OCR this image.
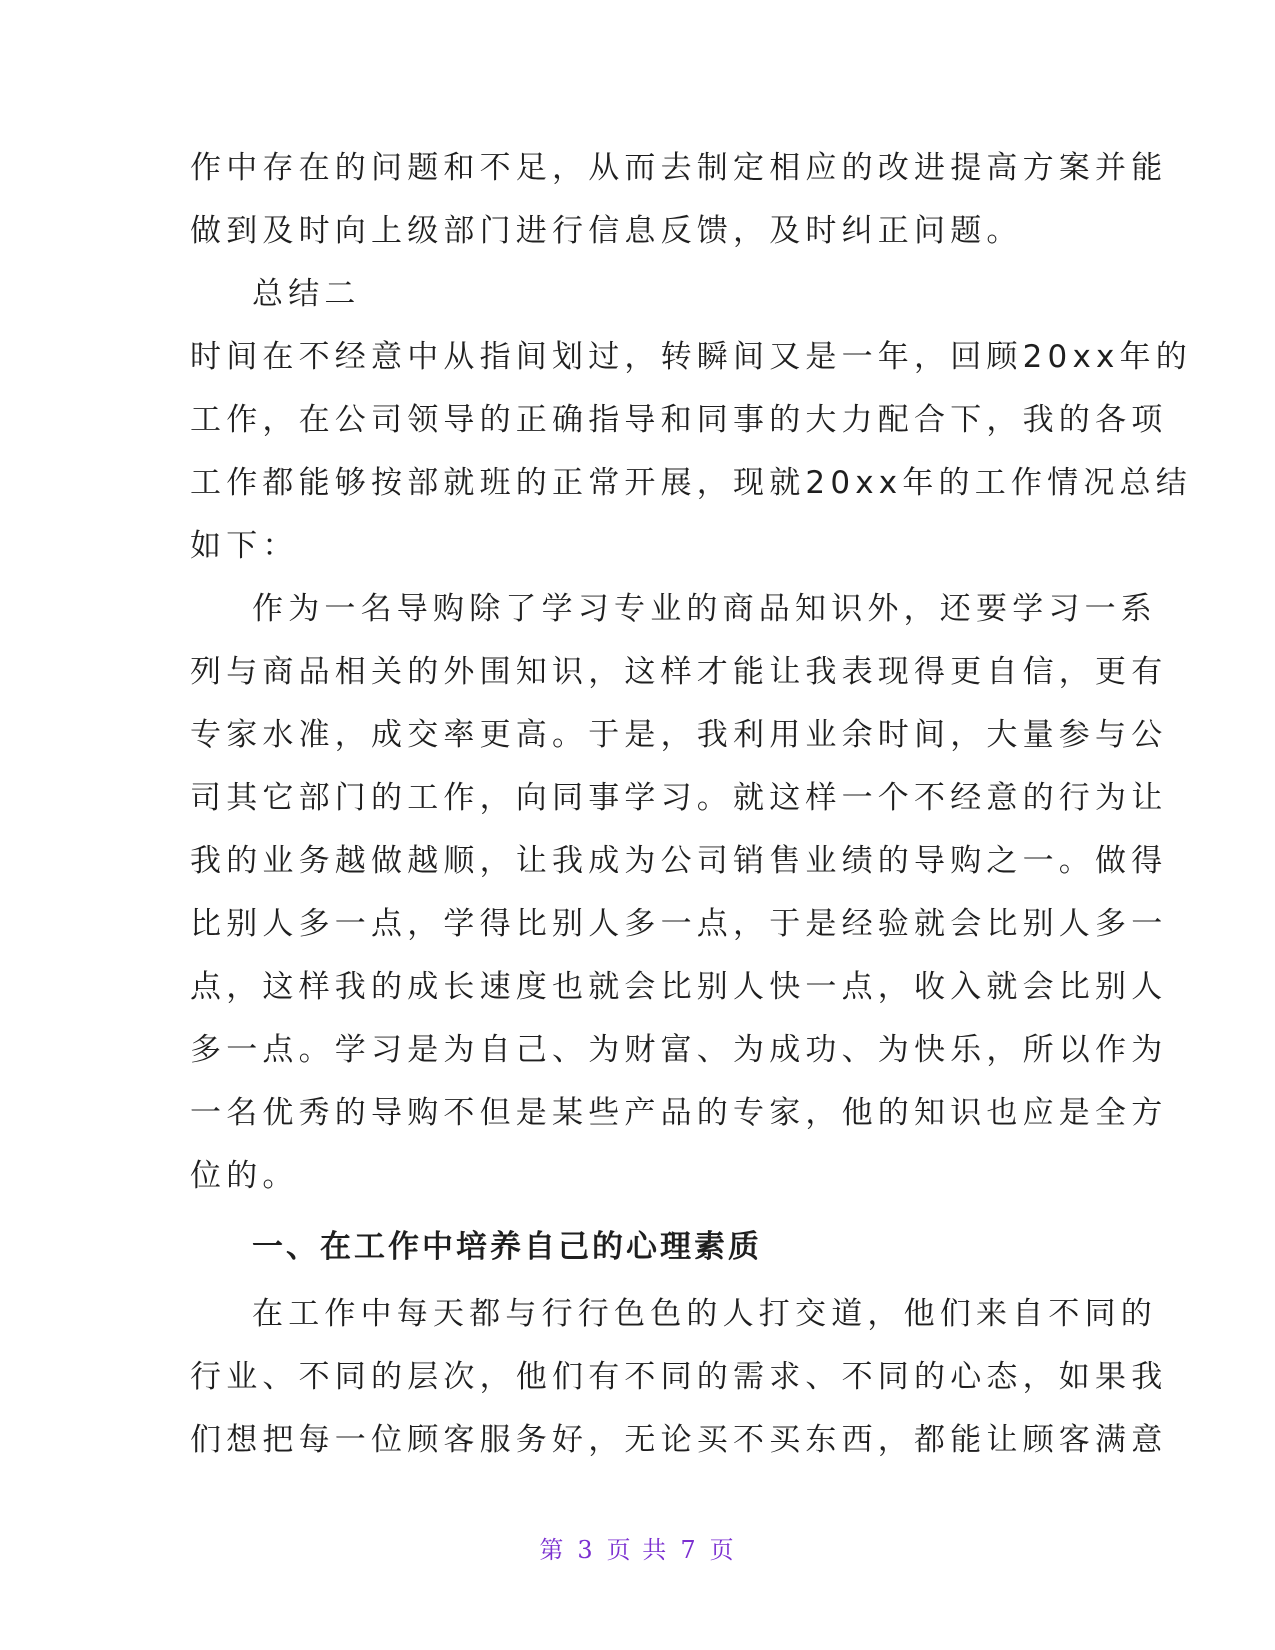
作中存在的问题和不足，从而去制定相应的改进提高方案并能
做到及时向上级部门进行信息反馈，及时纠正问题。
总结二
时间在不经意中从指间划过，转瞬间又是一年，回顾20xx年的
工作，在公司领导的正确指导和同事的大力配合下，我的各项
工作都能够按部就班的正常开展，现就20xx年的工作情况总结
如下：
作为一名导购除了学习专业的商品知识外，还要学习一系
列与商品相关的外围知识，这样才能让我表现得更自信，更有
专家水准，成交率更高。于是，我利用业余时间，大量参与公
司其它部门的工作，向同事学习。就这样一个不经意的行为让
我的业务越做越顺，让我成为公司销售业绩的导购之一。做得
比别人多一点，学得比别人多一点，于是经验就会比别人多一
点，这样我的成长速度也就会比别人快一点，收入就会比别人
多一点。学习是为自己、为财富、为成功、为快乐，所以作为
一名优秀的导购不但是某些产品的专家，他的知识也应是全方
位的。
一、在工作中培养自己的心理素质
在工作中每天都与行行色色的人打交道，他们来自不同的
行业、不同的层次，他们有不同的需求、不同的心态，如果我
们想把每一位顾客服务好，无论买不买东西，都能让顾客满意
第 3 页 共 7 页
